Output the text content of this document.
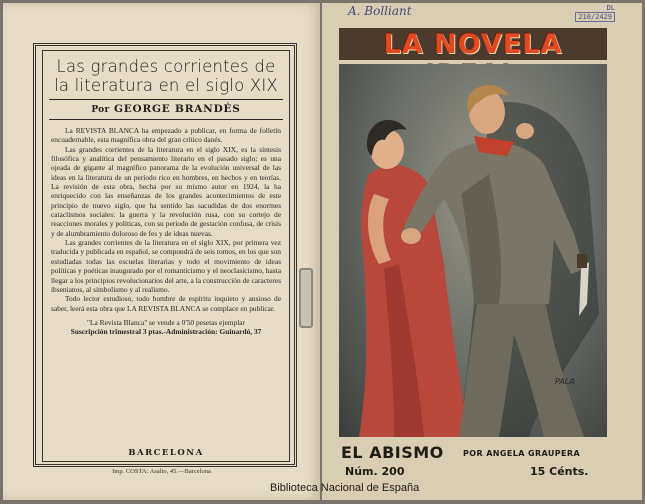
Las grandes corrientes de
la literatura en el siglo XIX
Por GEORGE BRANDÉS

La REVISTA BLANCA ha empezado a publicar, en forma de folletín encuadernable, esta magnífica obra del gran crítico danés.

Las grandes corrientes de la literatura en el siglo XIX, es la síntesis filosófica y analítica del pensamiento literario en el pasado siglo; es una ojeada de gigante al magnífico panorama de la evolución universal de las ideas en la literatura de un período rico en hombres, en hechos y en teorías. La revisión de esta obra, hecha por su mismo autor en 1924, la ha enriquecido con las enseñanzas de los grandes acontecimientos de este principio de nuevo siglo, que ha sentido las sacudidas de dos enormes cataclismos sociales: la guerra y la revolución rusa, con su cortejo de reacciones morales y políticas, con su período de gestación confusa, de crisis y de alumbramiento doloroso de fes y de ideas nuevas.

Las grandes corrientes de la literatura en el siglo XIX, por primera vez traducida y publicada en español, se compondrá de seis tomos, en los que son estudiadas todas las escuelas literarias y todo el movimiento de ideas políticas y poéticas inaugurado por el romanticismo y el neoclasicismo, hasta llegar a los principios revolucionarios del arte, a la construcción de caracteres ibsenianos, al simbolismo y al realismo.

Todo lector estudioso, todo hombre de espíritu inquieto y ansioso de saber, leerá esta obra que LA REVISTA BLANCA se complace en publicar.

"La Revista Blanca" se vende a 0'50 pesetas ejemplar

Suscripción trimestral 3 ptas.-Administración: Guinardó, 37

BARCELONA
Imp. COSTA: Asalto, 45.—Barcelona
A. Bolliant	DL
210/2429
LA NOVELA
PALA
EL ABISMO POR ANGELA GRAUPERA
Núm. 200	15 Cénts.
Biblioteca Nacional de España
